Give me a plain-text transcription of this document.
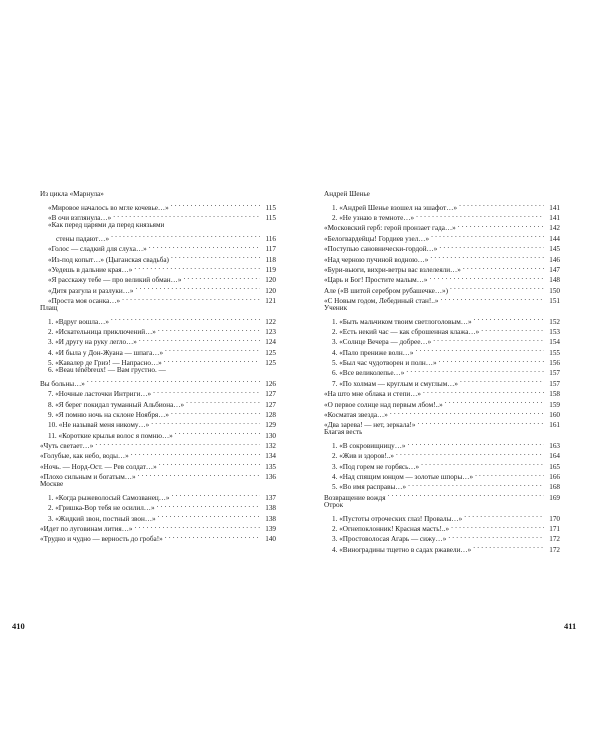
Из цикла «Марнула»
«Мировое началось во мгле кочевье…» . . .	115
«В очи взглянула…» . . .	115
«Как перед царями да перед князьями
стены падают…» . . .	116
«Голос — сладкий для слуха…» . . .	117
«Из-под копыт…» (Цыганская свадьба) . . .	118
«Уедешь в дальние края…» . . .	119
«Я расскажу тебе — про великий обман…» . . .	120
«Дитя разгула и разлуки…» . . .	120
«Проста моя осанка…» . . .	121
Плащ
1. «Вдруг вошла…» . . .	122
2. «Искательница приключений…» . . .	123
3. «И другу на руку легло…» . . .	124
4. «И была у Дон-Жуана — шпага…» . . .	125
5. «Кавалер де Гриэ! — Напрасно…» . . .	125
6. «Beau ténébreux! — Вам грустно. —
Вы больны…» . . .	126
7. «Ночные ласточки Интриги…» . . .	127
8. «Я берег покидал туманный Альбиона…» . . .	127
9. «Я помню ночь на склоне Ноября…» . . .	128
10. «Не называй меня никому…» . . .	129
11. «Короткие крылья волос я помню…» . . .	130
«Чуть светает…» . . .	132
«Голубые, как небо, воды…» . . .	134
«Ночь. — Норд-Ост. — Рев солдат…» . . .	135
«Плохо сильным и богатым…» . . .	136
Москве
1. «Когда рыжеволосый Самозванец…» . . .	137
2. «Гришка-Вор тебя не осилил…» . . .	138
3. «Жидкий звон, постный звон…» . . .	138
«Идет по луговинам лития…» . . .	139
«Трудно и чудно — верность до гроба!» . . .	140
Андрей Шенье
1. «Андрей Шенье взошел на эшафот…» . . .	141
2. «Не узнаю в темноте…» . . .	141
«Московский герб: герой пронзает гада…» . . .	142
«Белогвардейцы! Гордиев узел…» . . .	144
«Поступью сановнически-гордой…» . . .	145
«Над черною пучиной водною…» . . .	146
«Бури-вьюги, вихри-ветры вас взлелеяли…» . . .	147
«Царь и Бог! Простите малым…» . . .	148
Але («В шитой серебром рубашечке…») . . .	150
«С Новым годом, Лебединый стан!..» . . .	151
Ученик
1. «Быть мальчиком твоим светлоголовым…» . . .	152
2. «Есть некий час — как сброшенная клажа…» . . .	153
3. «Солнце Вечера — добрее…» . . .	154
4. «Пало прениже волн…» . . .	155
5. «Был час чудотворен и полн…» . . .	156
6. «Все великолепье…» . . .	157
7. «По холмам — круглым и смуглым…» . . .	157
«На што мне облака и степи…» . . .	158
«О первое солнце над первым лбом!..» . . .	159
«Косматая звезда…» . . .	160
«Два зарева! — нет, зеркала!» . . .	161
Благая весть
1. «В сокровищницу…» . . .	163
2. «Жив и здоров!..» . . .	164
3. «Под горем не горбясь…» . . .	165
4. «Над спящим юнцом — золотые шпоры…» . . .	166
5. «Во имя расправы…» . . .	168
Возвращение вождя . . .	169
Отрок
1. «Пустоты отроческих глаз! Провалы…» . . .	170
2. «Огнепоклонник! Красная масть!..» . . .	171
3. «Простоволосая Агарь — сижу…» . . .	172
4. «Виноградины тщетно в садах ржавели…» . . .	172
410	411
